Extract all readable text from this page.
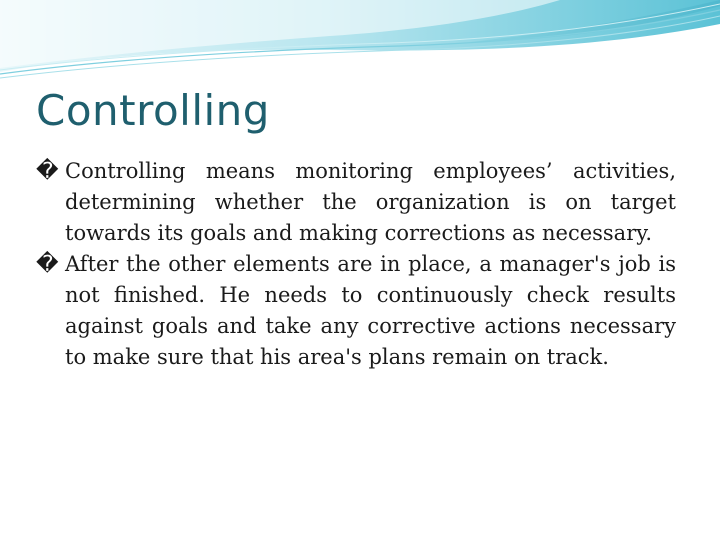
Controlling
� Controlling means monitoring employees’ activities, determining whether the organization is on target towards its goals and making corrections as necessary.
� After the other elements are in place, a manager's job is not finished. He needs to continuously check results against goals and take any corrective actions necessary to make sure that his area's plans remain on track.
